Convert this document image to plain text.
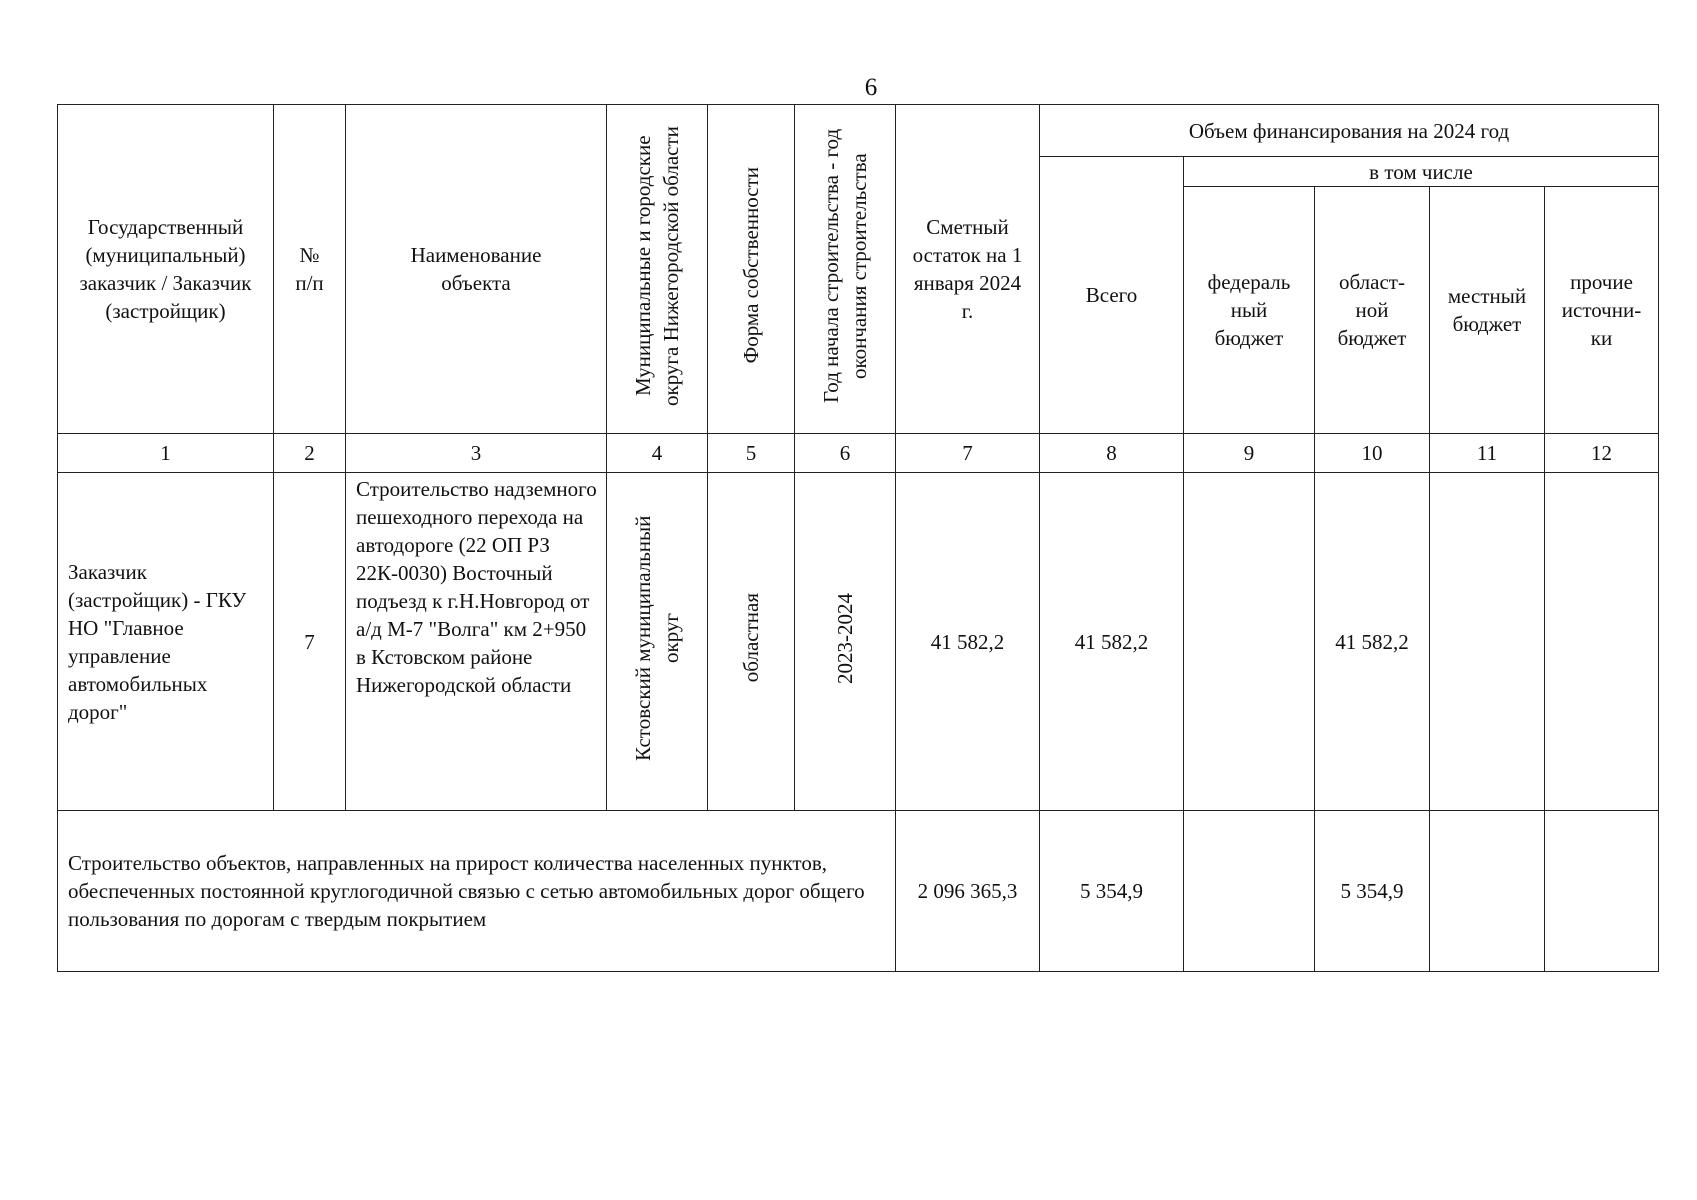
6
Государственный (муниципальный) заказчик / Заказчик (застройщик)	№ п/п	Наименование объекта	Муниципальные и городские округа Нижегородской области	Форма собственности	Год начала строительства - год окончания строительства	Сметный остаток на 1 января 2024 г.	Объем финансирования на 2024 год				
							Всего	в том числе			

								федераль ный бюджет	област- ной бюджет	местный бюджет	прочие источни- ки

1	2	3	4	5	6	7	8	9	10	11	12

Заказчик (застройщик) - ГКУ НО "Главное управление автомобильных дорог"	7	Строительство надземного пешеходного перехода на автодороге (22 ОП РЗ 22К-0030) Восточный подъезд к г.Н.Новгород от а/д М-7 "Волга" км 2+950 в Кстовском районе Нижегородской области	Кстовский муниципальный округ	областная	2023-2024	41 582,2	41 582,2		41 582,2		

Строительство объектов, направленных на прирост количества населенных пунктов, обеспеченных постоянной круглогодичной связью с сетью автомобильных дорог общего пользования по дорогам с твердым покрытием						2 096 365,3	5 354,9		5 354,9		
